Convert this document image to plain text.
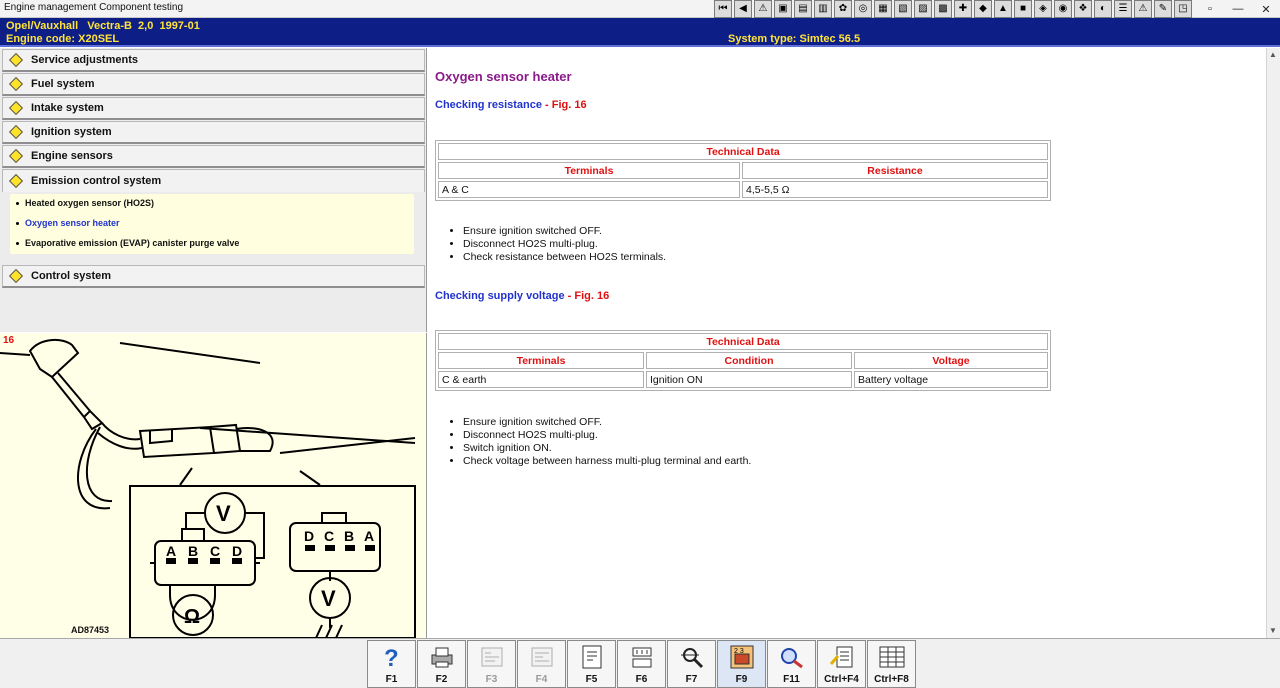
Engine management Component testing	⏮	◀	⚠	▣	▤	▥	✿	◎	▦	▧	▨	▩	✚	◆	▲	■	◈	◉	❖	◐	☰	⚠	✎	◳	▫	—	✕
Opel/Vauxhall   Vectra-B  2,0  1997-01
Engine code: X20SEL	System type: Simtec 56.5
Service adjustments
Fuel system
Intake system
Ignition system
Engine sensors
Emission control system
Heated oxygen sensor (HO2S)
Oxygen sensor heater
Evaporative emission (EVAP) canister purge valve
Control system
A B C D
D C B A
V
V
Ω
16
AD87453
Oxygen sensor heater
Checking resistance - Fig. 16
Technical Data	
Terminals	Resistance
A & C	4,5-5,5 Ω
• Ensure ignition switched OFF.
• Disconnect HO2S multi-plug.
• Check resistance between HO2S terminals.
Checking supply voltage - Fig. 16
Technical Data		
Terminals	Condition	Voltage
C & earth	Ignition ON	Battery voltage
• Ensure ignition switched OFF.
• Disconnect HO2S multi-plug.
• Switch ignition ON.
• Check voltage between harness multi-plug terminal and earth.
▲
▼
?
F1	F2	F3	F4	F5	F6	F7
2 3
F9	F11 Ctrl+F4 Ctrl+F8
